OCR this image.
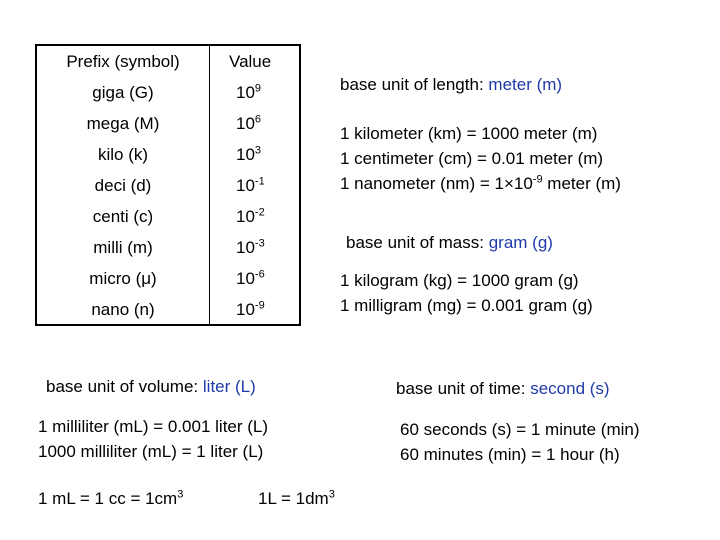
Prefix (symbol)	Value
giga (G)	$10^9$
mega (M)	$10^6$
kilo (k)	$10^3$
deci (d)	$10^{-1}$
centi (c)	$10^{-2}$
milli (m)	$10^{-3}$
micro (μ)	$10^{-6}$
nano (n)	$10^{-9}$
base unit of length: meter (m)
1 kilometer (km) = 1000 meter (m)
1 centimeter (cm) = 0.01 meter (m)
1 nanometer $(nm) = 1\times 10^{-9}$ meter (m)
base unit of mass: gram (g)
1 kilogram (kg) = 1000 gram (g)
1 milligram (mg) = 0.001 gram (g)
base unit of volume: liter (L)
1 milliliter (mL) = 0.001 liter (L)
1000 milliliter (mL) = 1 liter (L)
1 mL = 1 cc = $1cm^3$	$1L = 1dm^3$
base unit of time: second (s)
60 seconds (s) = 1 minute (min)
60 minutes (min) = 1 hour (h)
